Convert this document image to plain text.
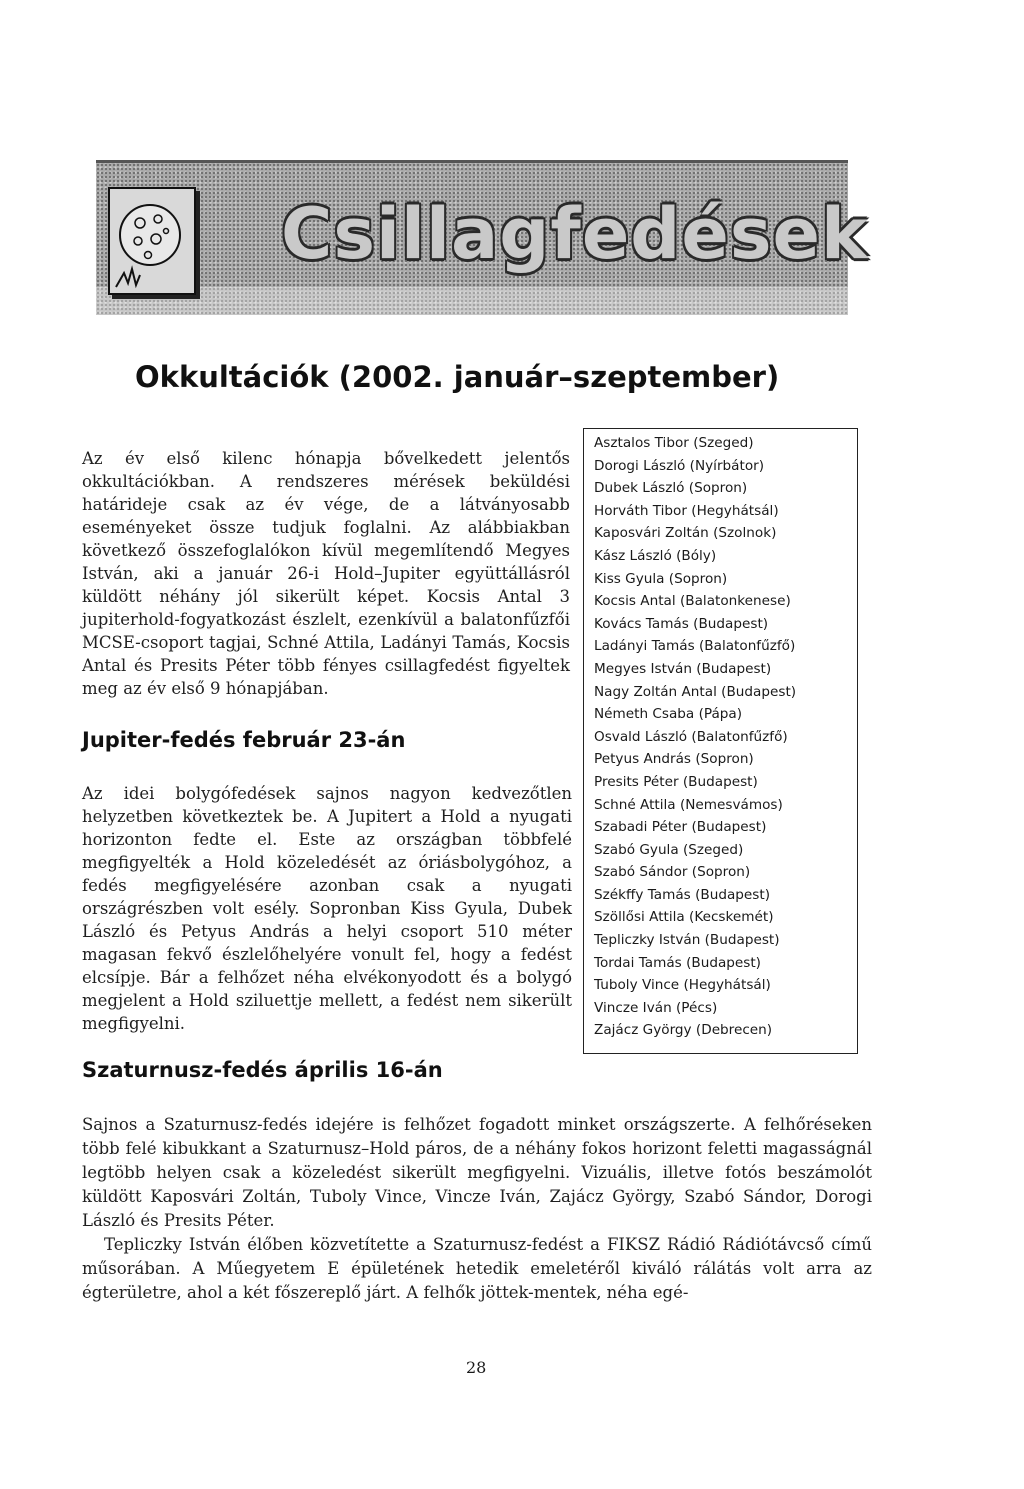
Csillagfedések
Okkultációk (2002. január–szeptember)

Az év első kilenc hónapja bővelkedett jelentős okkultációkban. A rendszeres mérések beküldési határideje csak az év vége, de a látványosabb eseményeket össze tudjuk foglalni. Az alábbiakban következő összefoglalókon kívül megemlítendő Megyes István, aki a január 26-i Hold–Jupiter együttállásról küldött néhány jól sikerült képet. Kocsis Antal 3 jupiterhold-fogyatkozást észlelt, ezenkívül a balatonfűzfői MCSE-csoport tagjai, Schné Attila, Ladányi Tamás, Kocsis Antal és Presits Péter több fényes csillagfedést figyeltek meg az év első 9 hónapjában.

Asztalos Tibor (Szeged)
Dorogi László (Nyírbátor)
Dubek László (Sopron)
Horváth Tibor (Hegyhátsál)
Kaposvári Zoltán (Szolnok)
Kász László (Bóly)
Kiss Gyula (Sopron)
Kocsis Antal (Balatonkenese)
Kovács Tamás (Budapest)
Ladányi Tamás (Balatonfűzfő)
Megyes István (Budapest)
Nagy Zoltán Antal (Budapest)
Németh Csaba (Pápa)
Osvald László (Balatonfűzfő)
Petyus András (Sopron)
Presits Péter (Budapest)
Schné Attila (Nemesvámos)
Szabadi Péter (Budapest)
Szabó Gyula (Szeged)
Szabó Sándor (Sopron)
Székffy Tamás (Budapest)
Szöllősi Attila (Kecskemét)
Tepliczky István (Budapest)
Tordai Tamás (Budapest)
Tuboly Vince (Hegyhátsál)
Vincze Iván (Pécs)
Zajácz György (Debrecen)
Jupiter-fedés február 23-án

Az idei bolygófedések sajnos nagyon kedvezőtlen helyzetben következtek be. A Jupitert a Hold a nyugati horizonton fedte el. Este az országban többfelé megfigyelték a Hold közeledését az óriásbolygóhoz, a fedés megfigyelésére azonban csak a nyugati országrészben volt esély. Sopronban Kiss Gyula, Dubek László és Petyus András a helyi csoport 510 méter magasan fekvő észlelőhelyére vonult fel, hogy a fedést elcsípje. Bár a felhőzet néha elvékonyodott és a bolygó megjelent a Hold sziluettje mellett, a fedést nem sikerült megfigyelni.

Szaturnusz-fedés április 16-án

Sajnos a Szaturnusz-fedés idejére is felhőzet fogadott minket országszerte. A felhőréseken több felé kibukkant a Szaturnusz–Hold páros, de a néhány fokos horizont feletti magasságnál legtöbb helyen csak a közeledést sikerült megfigyelni. Vizuális, illetve fotós beszámolót küldött Kaposvári Zoltán, Tuboly Vince, Vincze Iván, Zajácz György, Szabó Sándor, Dorogi László és Presits Péter.

Tepliczky István élőben közvetítette a Szaturnusz-fedést a FIKSZ Rádió Rádiótávcső című műsorában. A Műegyetem E épületének hetedik emeletéről kiváló rálátás volt arra az égterületre, ahol a két főszereplő járt. A felhők jöttek-mentek, néha egé-

28
